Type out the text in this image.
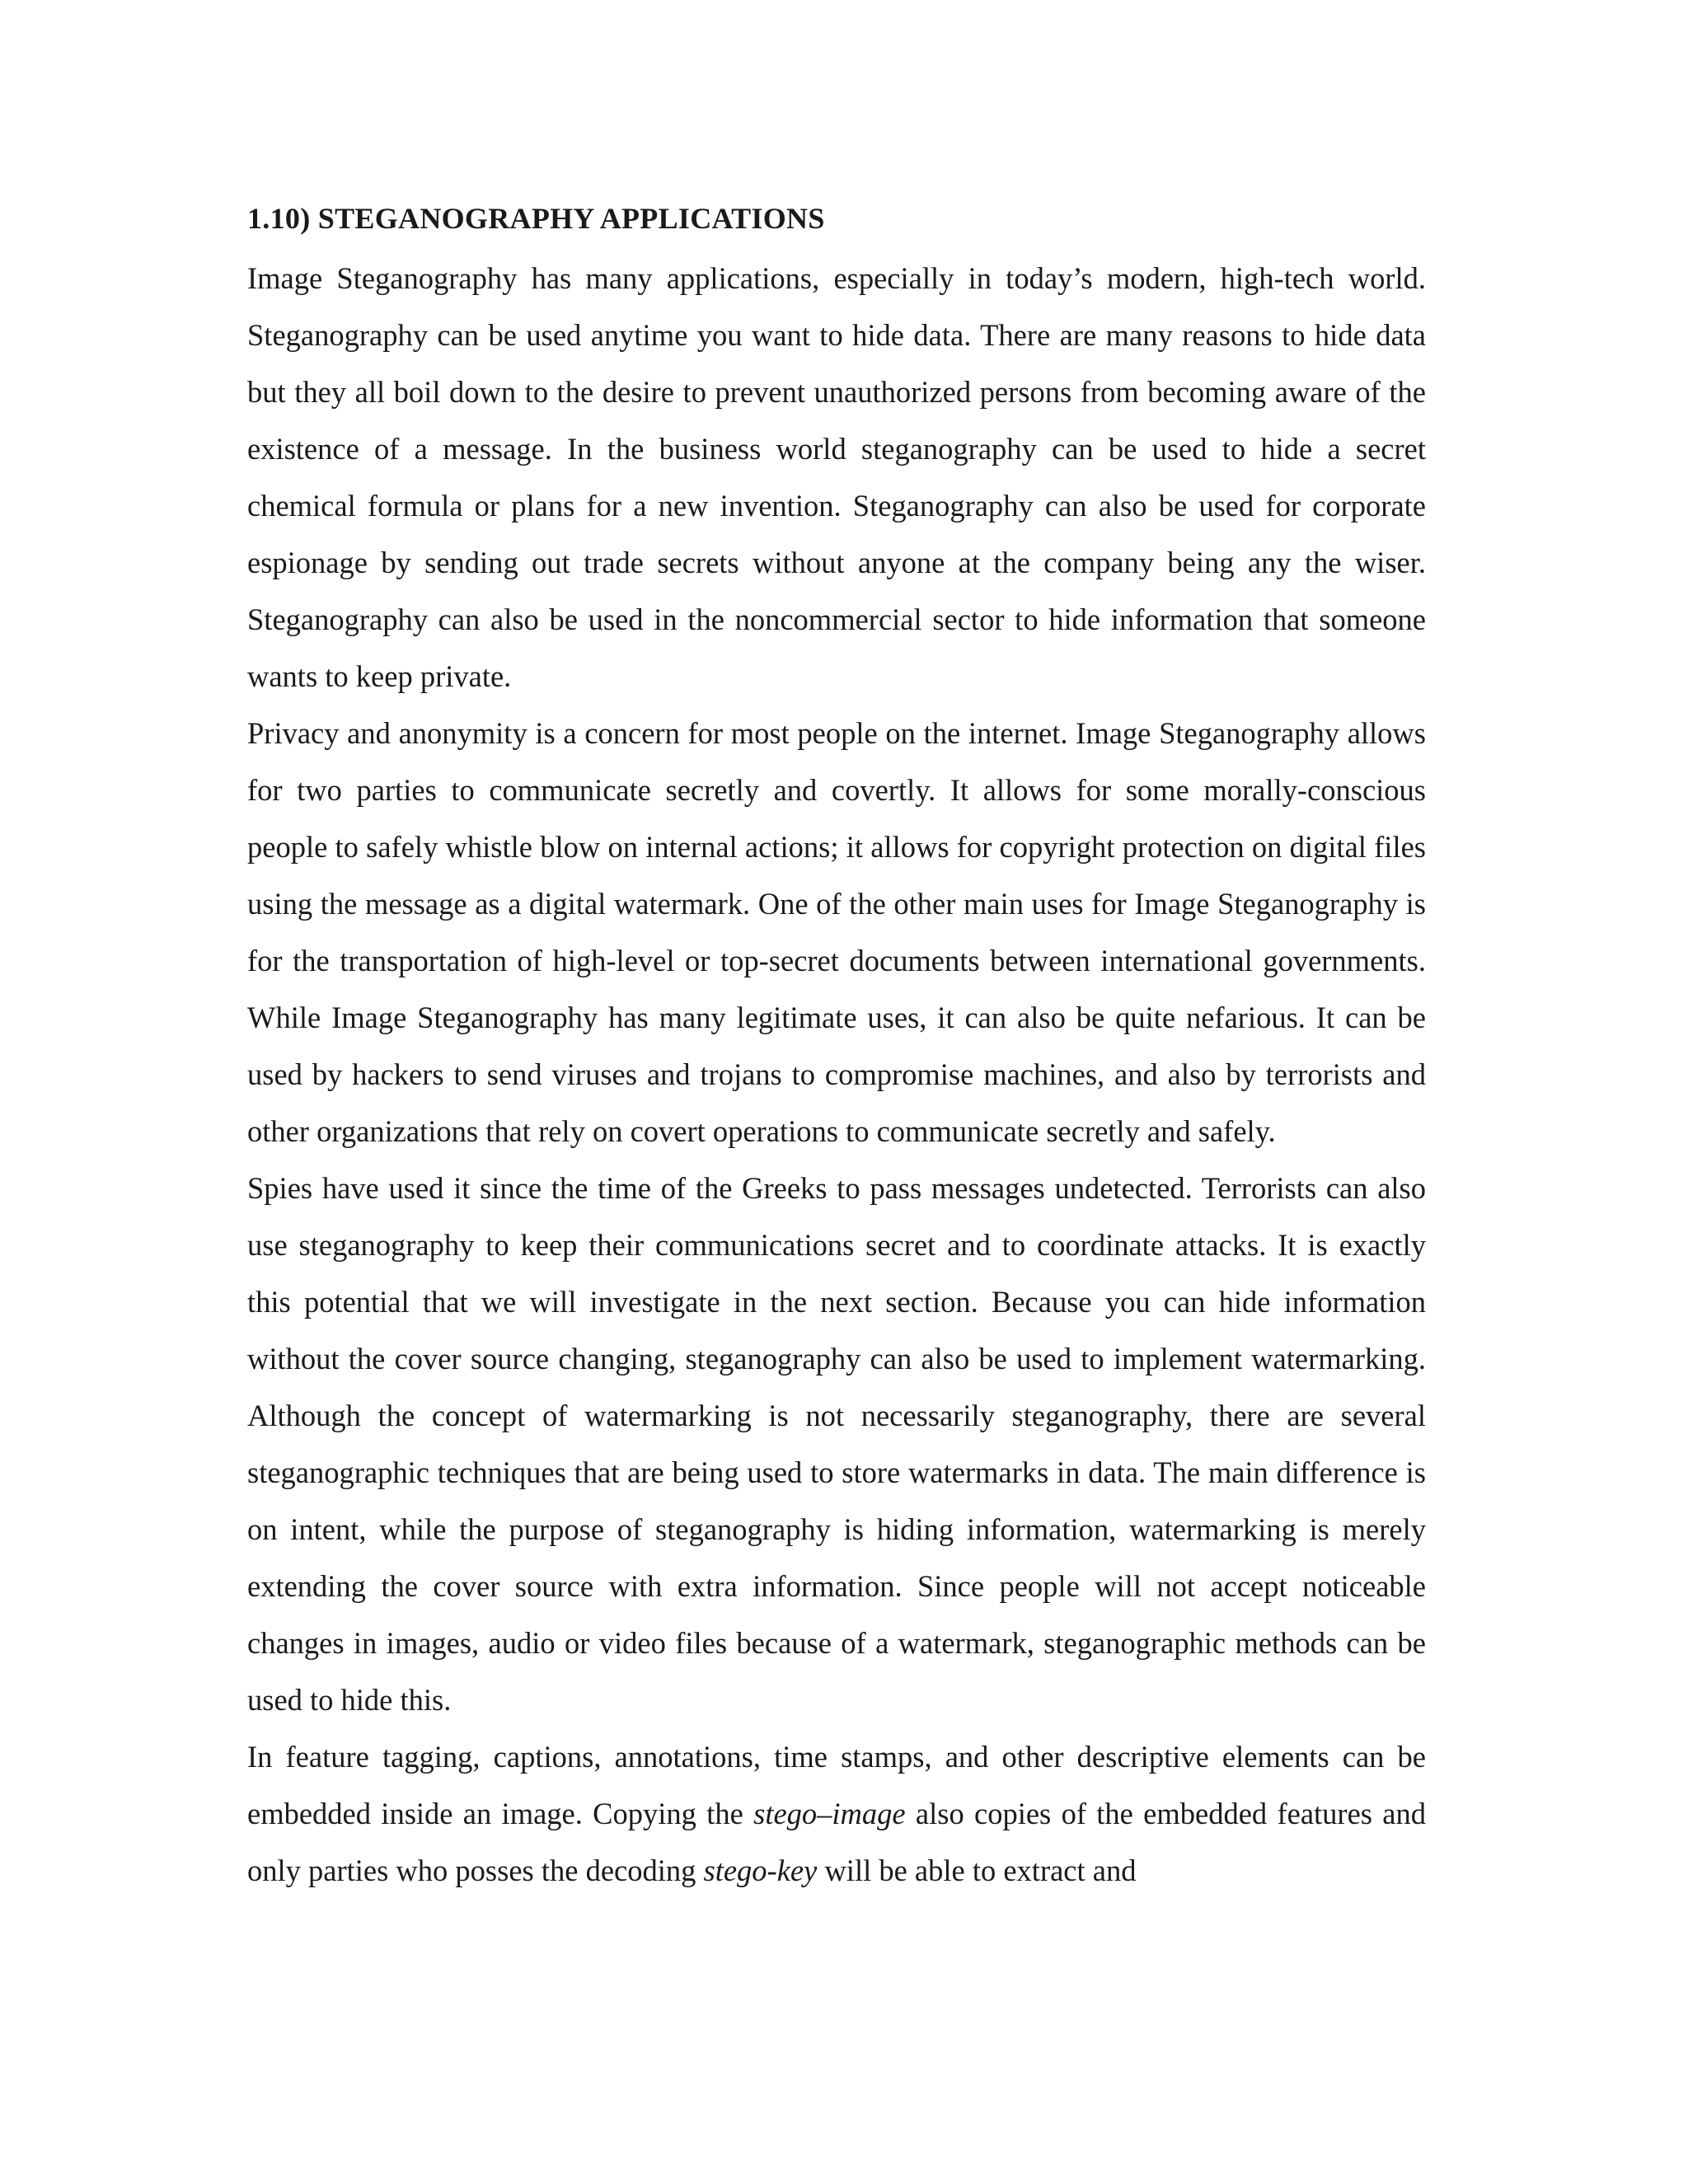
1.10) STEGANOGRAPHY APPLICATIONS

Image Steganography has many applications, especially in today’s modern, high-tech world. Steganography can be used anytime you want to hide data. There are many reasons to hide data but they all boil down to the desire to prevent unauthorized persons from becoming aware of the existence of a message. In the business world steganography can be used to hide a secret chemical formula or plans for a new invention. Steganography can also be used for corporate espionage by sending out trade secrets without anyone at the company being any the wiser. Steganography can also be used in the noncommercial sector to hide information that someone wants to keep private.

Privacy and anonymity is a concern for most people on the internet. Image Steganography allows for two parties to communicate secretly and covertly. It allows for some morally-conscious people to safely whistle blow on internal actions; it allows for copyright protection on digital files using the message as a digital watermark. One of the other main uses for Image Steganography is for the transportation of high-level or top-secret documents between international governments. While Image Steganography has many legitimate uses, it can also be quite nefarious. It can be used by hackers to send viruses and trojans to compromise machines, and also by terrorists and other organizations that rely on covert operations to communicate secretly and safely.

Spies have used it since the time of the Greeks to pass messages undetected. Terrorists can also use steganography to keep their communications secret and to coordinate attacks. It is exactly this potential that we will investigate in the next section. Because you can hide information without the cover source changing, steganography can also be used to implement watermarking. Although the concept of watermarking is not necessarily steganography, there are several steganographic techniques that are being used to store watermarks in data. The main difference is on intent, while the purpose of steganography is hiding information, watermarking is merely extending the cover source with extra information. Since people will not accept noticeable changes in images, audio or video files because of a watermark, steganographic methods can be used to hide this.

In feature tagging, captions, annotations, time stamps, and other descriptive elements can be embedded inside an image. Copying the stego–image also copies of the embedded features and only parties who posses the decoding stego-key will be able to extract and
